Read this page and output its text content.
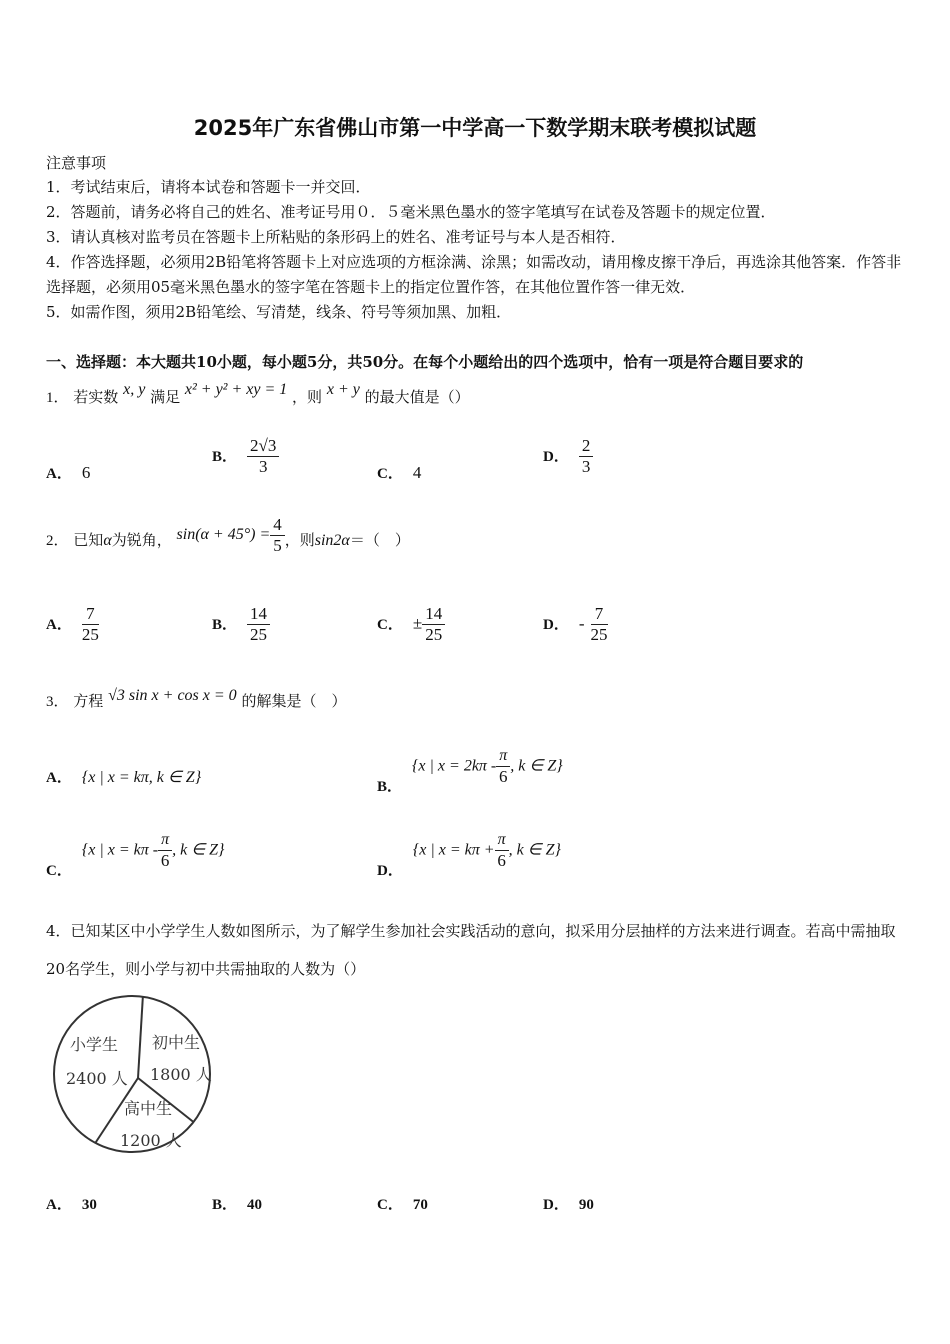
2025年广东省佛山市第一中学高一下数学期末联考模拟试题
注意事项
1．考试结束后，请将本试卷和答题卡一并交回．
2．答题前，请务必将自己的姓名、准考证号用０．５毫米黑色墨水的签字笔填写在试卷及答题卡的规定位置．
3．请认真核对监考员在答题卡上所粘贴的条形码上的姓名、准考证号与本人是否相符．
4．作答选择题，必须用2B铅笔将答题卡上对应选项的方框涂满、涂黑；如需改动，请用橡皮擦干净后，再选涂其他答案．作答非选择题，必须用05毫米黑色墨水的签字笔在答题卡上的指定位置作答，在其他位置作答一律无效．
5．如需作图，须用2B铅笔绘、写清楚，线条、符号等须加黑、加粗．
一、选择题：本大题共10小题，每小题5分，共50分。在每个小题给出的四个选项中，恰有一项是符合题目要求的
1． 若实数 x, y 满足 x² + y² + xy = 1 ，则 x + y 的最大值是（）
A． 6
B． $\frac{2√3}{3}$	C． 4
D． $\frac{2}{3}$
2． 已知α为锐角， $\sin(\alpha + 45^\circ) = \frac{4}{5}$ ，则sin2α＝（　）
A． $\frac{7}{25}$	B． $\frac{14}{25}$	C． ± $\frac{14}{25}$	D． - $\frac{7}{25}$
3． 方程 √3 sin x + cos x = 0 的解集是（　）
A． {x | x = kπ, k ∈ Z}
B．{x | $x = 2k\pi - \frac{\pi}{6}$ , k ∈ Z}
C．{x | $x = k\pi - \frac{\pi}{6}$ , k ∈ Z}
D．{x | $x = k\pi + \frac{\pi}{6}$ , k ∈ Z}
4．已知某区中小学学生人数如图所示，为了解学生参加社会实践活动的意向，拟采用分层抽样的方法来进行调查。若高中需抽取20名学生，则小学与初中共需抽取的人数为（）
小学生
2400 人
初中生
1800 人
高中生
1200 人
A． 30	B． 40	C． 70	D． 90
